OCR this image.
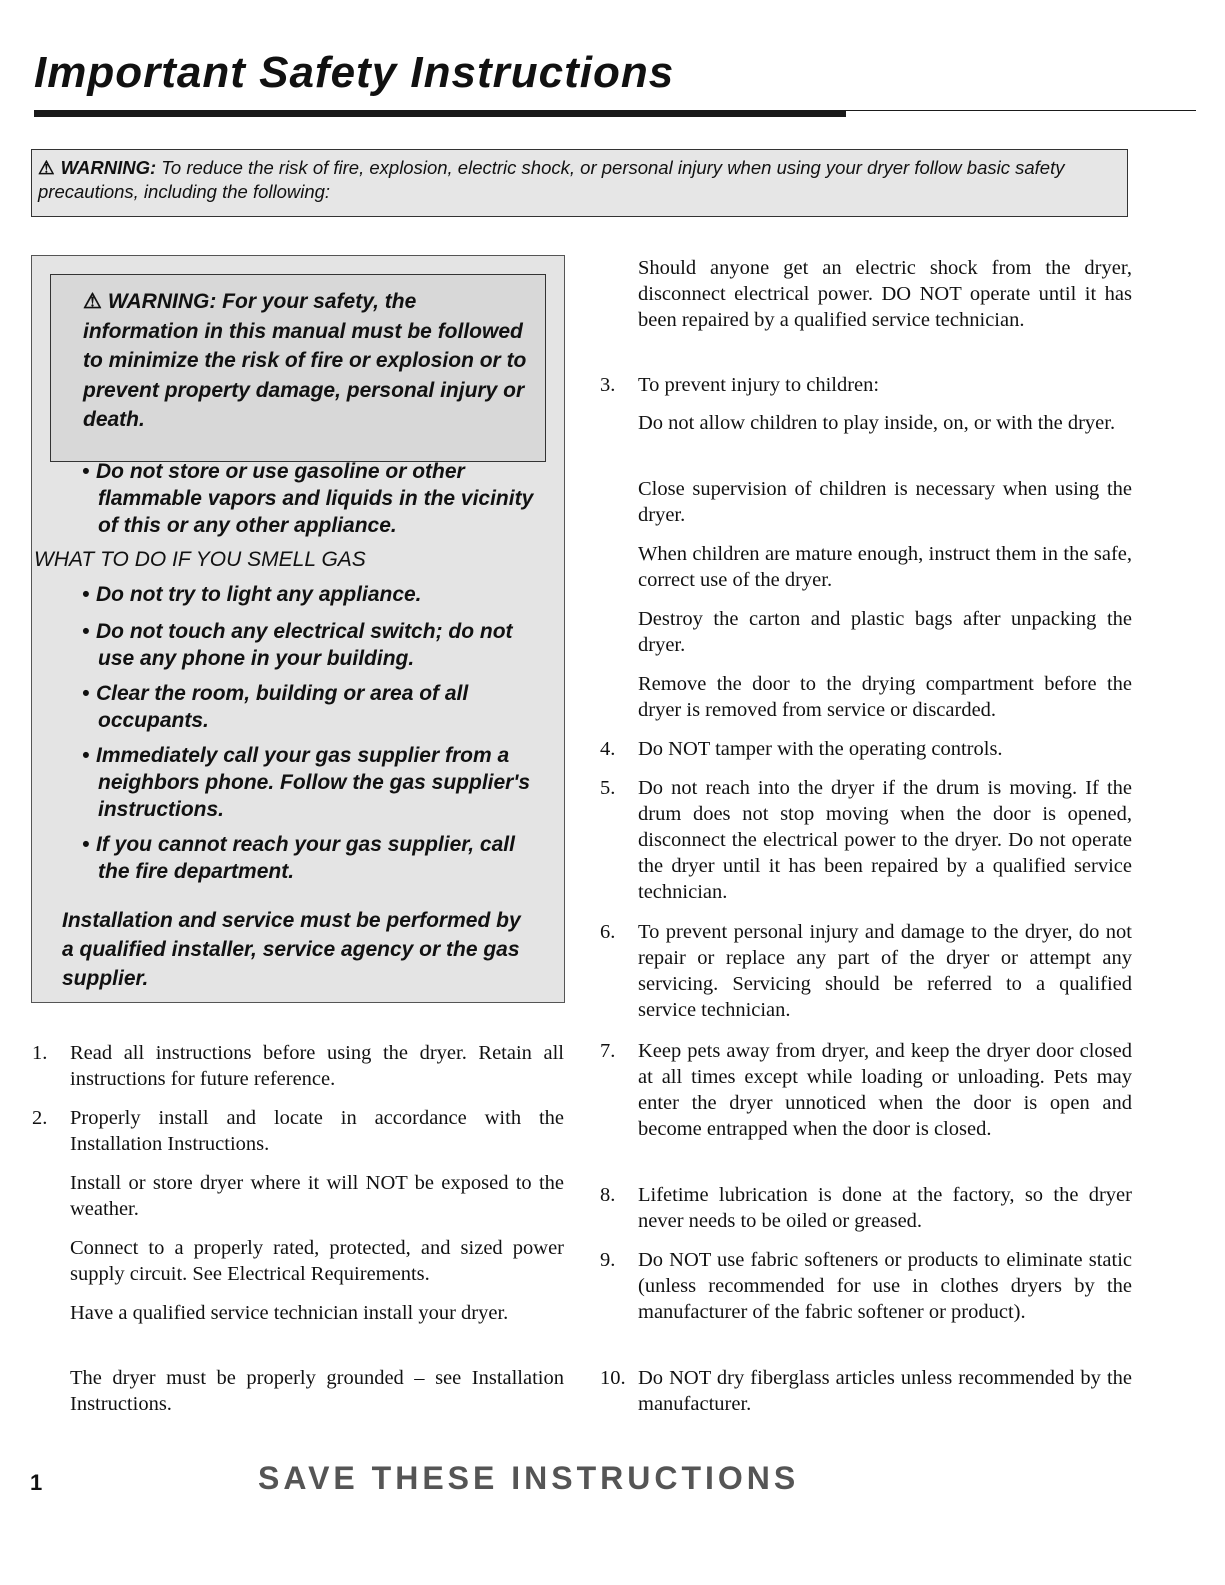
Important Safety Instructions
⚠ WARNING: To reduce the risk of fire, explosion, electric shock, or personal injury when using your dryer follow basic safety precautions, including the following:
⚠ WARNING: For your safety, the information in this manual must be followed to minimize the risk of fire or explosion or to prevent property damage, personal injury or death.
• Do not store or use gasoline or other flammable vapors and liquids in the vicinity of this or any other appliance.
WHAT TO DO IF YOU SMELL GAS
• Do not try to light any appliance.
• Do not touch any electrical switch; do not use any phone in your building.
• Clear the room, building or area of all occupants.
• Immediately call your gas supplier from a neighbors phone. Follow the gas supplier's instructions.
• If you cannot reach your gas supplier, call the fire department.
Installation and service must be performed by a qualified installer, service agency or the gas supplier.
1. Read all instructions before using the dryer. Retain all instructions for future reference.
2. Properly install and locate in accordance with the Installation Instructions.
Install or store dryer where it will NOT be exposed to the weather.
Connect to a properly rated, protected, and sized power supply circuit. See Electrical Requirements.
Have a qualified service technician install your dryer.
The dryer must be properly grounded – see Installation Instructions.
Should anyone get an electric shock from the dryer, disconnect electrical power. DO NOT operate until it has been repaired by a qualified service technician.
3. To prevent injury to children:
Do not allow children to play inside, on, or with the dryer.
Close supervision of children is necessary when using the dryer.
When children are mature enough, instruct them in the safe, correct use of the dryer.
Destroy the carton and plastic bags after unpacking the dryer.
Remove the door to the drying compartment before the dryer is removed from service or discarded.
4. Do NOT tamper with the operating controls.
5. Do not reach into the dryer if the drum is moving. If the drum does not stop moving when the door is opened, disconnect the electrical power to the dryer. Do not operate the dryer until it has been repaired by a qualified service technician.
6. To prevent personal injury and damage to the dryer, do not repair or replace any part of the dryer or attempt any servicing. Servicing should be referred to a qualified service technician.
7. Keep pets away from dryer, and keep the dryer door closed at all times except while loading or unloading. Pets may enter the dryer unnoticed when the door is open and become entrapped when the door is closed.
8. Lifetime lubrication is done at the factory, so the dryer never needs to be oiled or greased.
9. Do NOT use fabric softeners or products to eliminate static (unless recommended for use in clothes dryers by the manufacturer of the fabric softener or product).
10. Do NOT dry fiberglass articles unless recommended by the manufacturer.
1	SAVE THESE INSTRUCTIONS
